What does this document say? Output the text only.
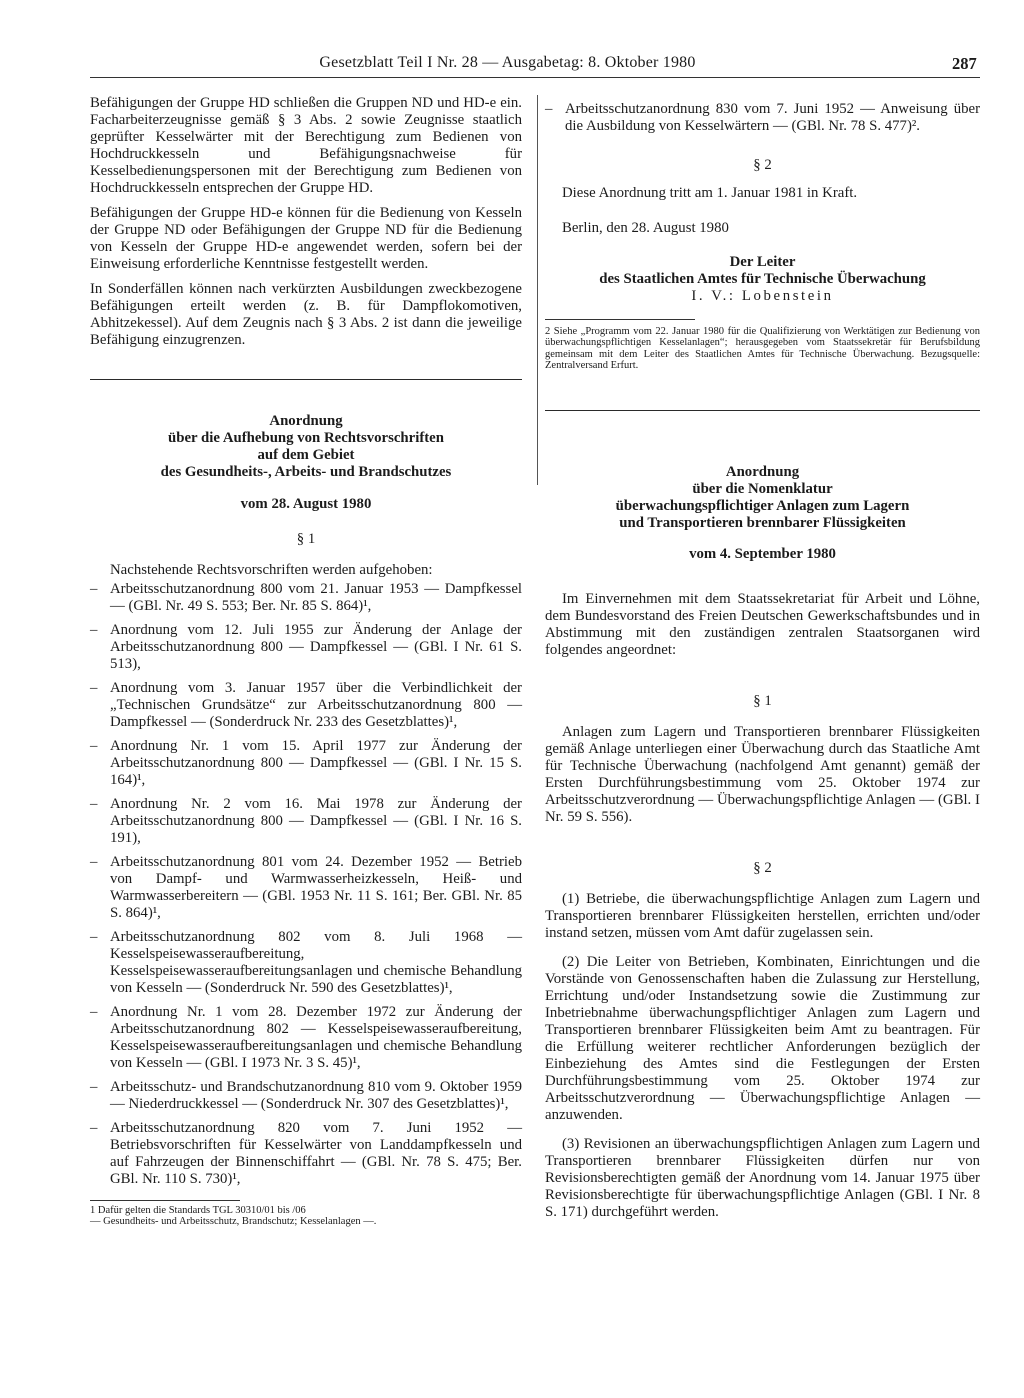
Gesetzblatt Teil I Nr. 28 — Ausgabetag: 8. Oktober 1980	287

Befähigungen der Gruppe HD schließen die Gruppen ND und HD-e ein. Facharbeiterzeugnisse gemäß § 3 Abs. 2 sowie Zeugnisse staatlich geprüfter Kesselwärter mit der Berechtigung zum Bedienen von Hochdruckkesseln und Befähigungsnachweise für Kesselbedienungspersonen mit der Berechtigung zum Bedienen von Hochdruckkesseln entsprechen der Gruppe HD.

Befähigungen der Gruppe HD-e können für die Bedienung von Kesseln der Gruppe ND oder Befähigungen der Gruppe ND für die Bedienung von Kesseln der Gruppe HD-e angewendet werden, sofern bei der Einweisung erforderliche Kenntnisse festgestellt werden.

In Sonderfällen können nach verkürzten Ausbildungen zweckbezogene Befähigungen erteilt werden (z. B. für Dampflokomotiven, Abhitzekessel). Auf dem Zeugnis nach § 3 Abs. 2 ist dann die jeweilige Befähigung einzugrenzen.

Anordnung
über die Aufhebung von Rechtsvorschriften
auf dem Gebiet
des Gesundheits-, Arbeits- und Brandschutzes
vom 28. August 1980
§ 1

Nachstehende Rechtsvorschriften werden aufgehoben:

– Arbeitsschutzanordnung 800 vom 21. Januar 1953 — Dampfkessel — (GBl. Nr. 49 S. 553; Ber. Nr. 85 S. 864)¹,
– Anordnung vom 12. Juli 1955 zur Änderung der Anlage der Arbeitsschutzanordnung 800 — Dampfkessel — (GBl. I Nr. 61 S. 513),
– Anordnung vom 3. Januar 1957 über die Verbindlichkeit der „Technischen Grundsätze“ zur Arbeitsschutzanordnung 800 — Dampfkessel — (Sonderdruck Nr. 233 des Gesetzblattes)¹,
– Anordnung Nr. 1 vom 15. April 1977 zur Änderung der Arbeitsschutzanordnung 800 — Dampfkessel — (GBl. I Nr. 15 S. 164)¹,
– Anordnung Nr. 2 vom 16. Mai 1978 zur Änderung der Arbeitsschutzanordnung 800 — Dampfkessel — (GBl. I Nr. 16 S. 191),
– Arbeitsschutzanordnung 801 vom 24. Dezember 1952 — Betrieb von Dampf- und Warmwasserheizkesseln, Heiß- und Warmwasserbereitern — (GBl. 1953 Nr. 11 S. 161; Ber. GBl. Nr. 85 S. 864)¹,
– Arbeitsschutzanordnung 802 vom 8. Juli 1968 — Kesselspeisewasseraufbereitung, Kesselspeisewasseraufbereitungsanlagen und chemische Behandlung von Kesseln — (Sonderdruck Nr. 590 des Gesetzblattes)¹,
– Anordnung Nr. 1 vom 28. Dezember 1972 zur Änderung der Arbeitsschutzanordnung 802 — Kesselspeisewasseraufbereitung, Kesselspeisewasseraufbereitungsanlagen und chemische Behandlung von Kesseln — (GBl. I 1973 Nr. 3 S. 45)¹,
– Arbeitsschutz- und Brandschutzanordnung 810 vom 9. Oktober 1959 — Niederdruckkessel — (Sonderdruck Nr. 307 des Gesetzblattes)¹,
– Arbeitsschutzanordnung 820 vom 7. Juni 1952 — Betriebsvorschriften für Kesselwärter von Landdampfkesseln und auf Fahrzeugen der Binnenschiffahrt — (GBl. Nr. 78 S. 475; Ber. GBl. Nr. 110 S. 730)¹,
1 Dafür gelten die Standards TGL 30310/01 bis /06
— Gesundheits- und Arbeitsschutz, Brandschutz; Kesselanlagen —.
– Arbeitsschutzanordnung 830 vom 7. Juni 1952 — Anweisung über die Ausbildung von Kesselwärtern — (GBl. Nr. 78 S. 477)².
§ 2

Diese Anordnung tritt am 1. Januar 1981 in Kraft.

Berlin, den 28. August 1980

Der Leiter
des Staatlichen Amtes für Technische Überwachung
I. V.: Lobenstein

2 Siehe „Programm vom 22. Januar 1980 für die Qualifizierung von Werktätigen zur Bedienung von überwachungspflichtigen Kesselanlagen“; herausgegeben vom Staatssekretär für Berufsbildung gemeinsam mit dem Leiter des Staatlichen Amtes für Technische Überwachung. Bezugsquelle: Zentralversand Erfurt.

Anordnung
über die Nomenklatur
überwachungspflichtiger Anlagen zum Lagern
und Transportieren brennbarer Flüssigkeiten
vom 4. September 1980

Im Einvernehmen mit dem Staatssekretariat für Arbeit und Löhne, dem Bundesvorstand des Freien Deutschen Gewerkschaftsbundes und in Abstimmung mit den zuständigen zentralen Staatsorganen wird folgendes angeordnet:

§ 1

Anlagen zum Lagern und Transportieren brennbarer Flüssigkeiten gemäß Anlage unterliegen einer Überwachung durch das Staatliche Amt für Technische Überwachung (nachfolgend Amt genannt) gemäß der Ersten Durchführungsbestimmung vom 25. Oktober 1974 zur Arbeitsschutzverordnung — Überwachungspflichtige Anlagen — (GBl. I Nr. 59 S. 556).

§ 2

(1) Betriebe, die überwachungspflichtige Anlagen zum Lagern und Transportieren brennbarer Flüssigkeiten herstellen, errichten und/oder instand setzen, müssen vom Amt dafür zugelassen sein.

(2) Die Leiter von Betrieben, Kombinaten, Einrichtungen und die Vorstände von Genossenschaften haben die Zulassung zur Herstellung, Errichtung und/oder Instandsetzung sowie die Zustimmung zur Inbetriebnahme überwachungspflichtiger Anlagen zum Lagern und Transportieren brennbarer Flüssigkeiten beim Amt zu beantragen. Für die Erfüllung weiterer rechtlicher Anforderungen bezüglich der Einbeziehung des Amtes sind die Festlegungen der Ersten Durchführungsbestimmung vom 25. Oktober 1974 zur Arbeitsschutzverordnung — Überwachungspflichtige Anlagen — anzuwenden.

(3) Revisionen an überwachungspflichtigen Anlagen zum Lagern und Transportieren brennbarer Flüssigkeiten dürfen nur von Revisionsberechtigten gemäß der Anordnung vom 14. Januar 1975 über Revisionsberechtigte für überwachungspflichtige Anlagen (GBl. I Nr. 8 S. 171) durchgeführt werden.
